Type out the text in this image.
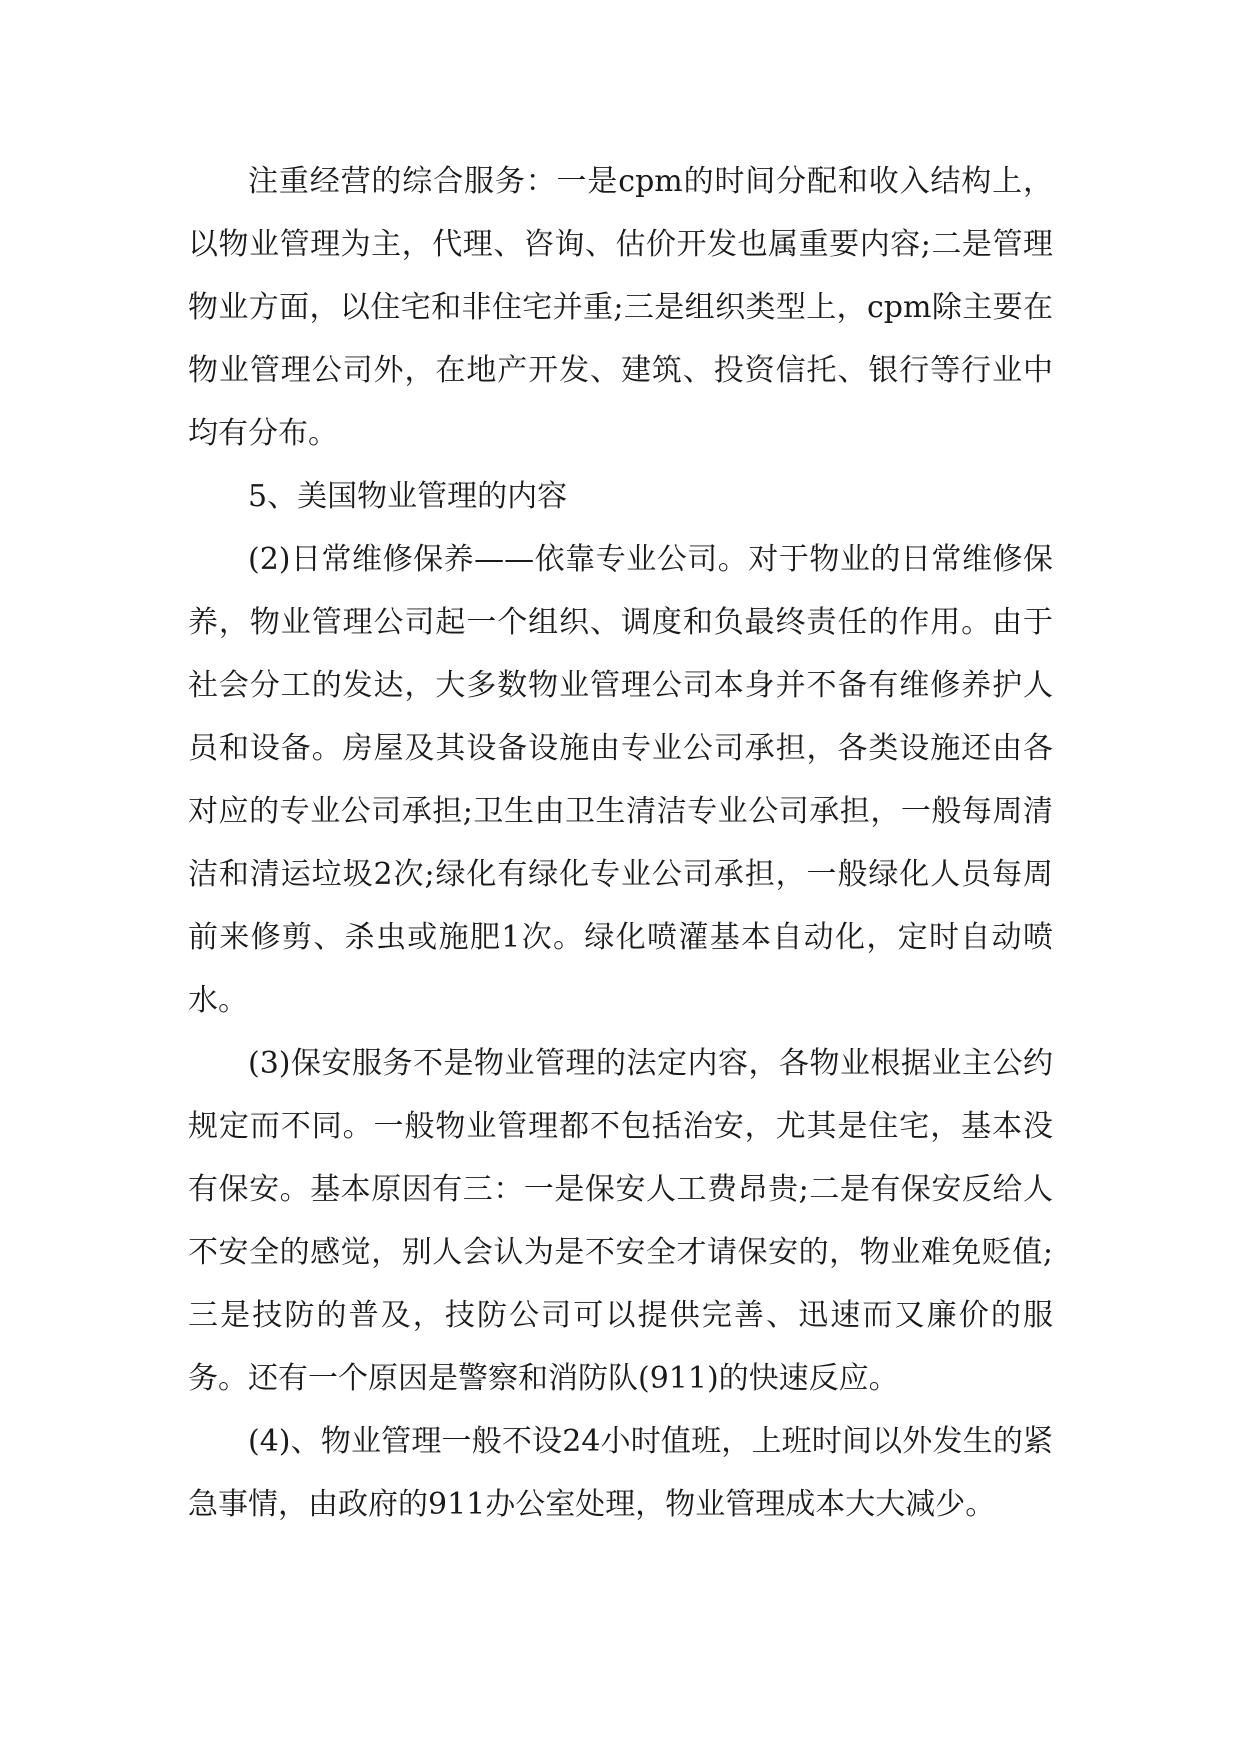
注重经营的综合服务：一是cpm的时间分配和收入结构上，以物业管理为主，代理、咨询、估价开发也属重要内容;二是管理物业方面，以住宅和非住宅并重;三是组织类型上，cpm除主要在物业管理公司外，在地产开发、建筑、投资信托、银行等行业中均有分布。

5、美国物业管理的内容

(2)日常维修保养——依靠专业公司。对于物业的日常维修保养，物业管理公司起一个组织、调度和负最终责任的作用。由于社会分工的发达，大多数物业管理公司本身并不备有维修养护人员和设备。房屋及其设备设施由专业公司承担，各类设施还由各对应的专业公司承担;卫生由卫生清洁专业公司承担，一般每周清洁和清运垃圾2次;绿化有绿化专业公司承担，一般绿化人员每周前来修剪、杀虫或施肥1次。绿化喷灌基本自动化，定时自动喷水。

(3)保安服务不是物业管理的法定内容，各物业根据业主公约规定而不同。一般物业管理都不包括治安，尤其是住宅，基本没有保安。基本原因有三：一是保安人工费昂贵;二是有保安反给人不安全的感觉，别人会认为是不安全才请保安的，物业难免贬值;三是技防的普及，技防公司可以提供完善、迅速而又廉价的服务。还有一个原因是警察和消防队(911)的快速反应。

(4)、物业管理一般不设24小时值班，上班时间以外发生的紧急事情，由政府的911办公室处理，物业管理成本大大减少。
